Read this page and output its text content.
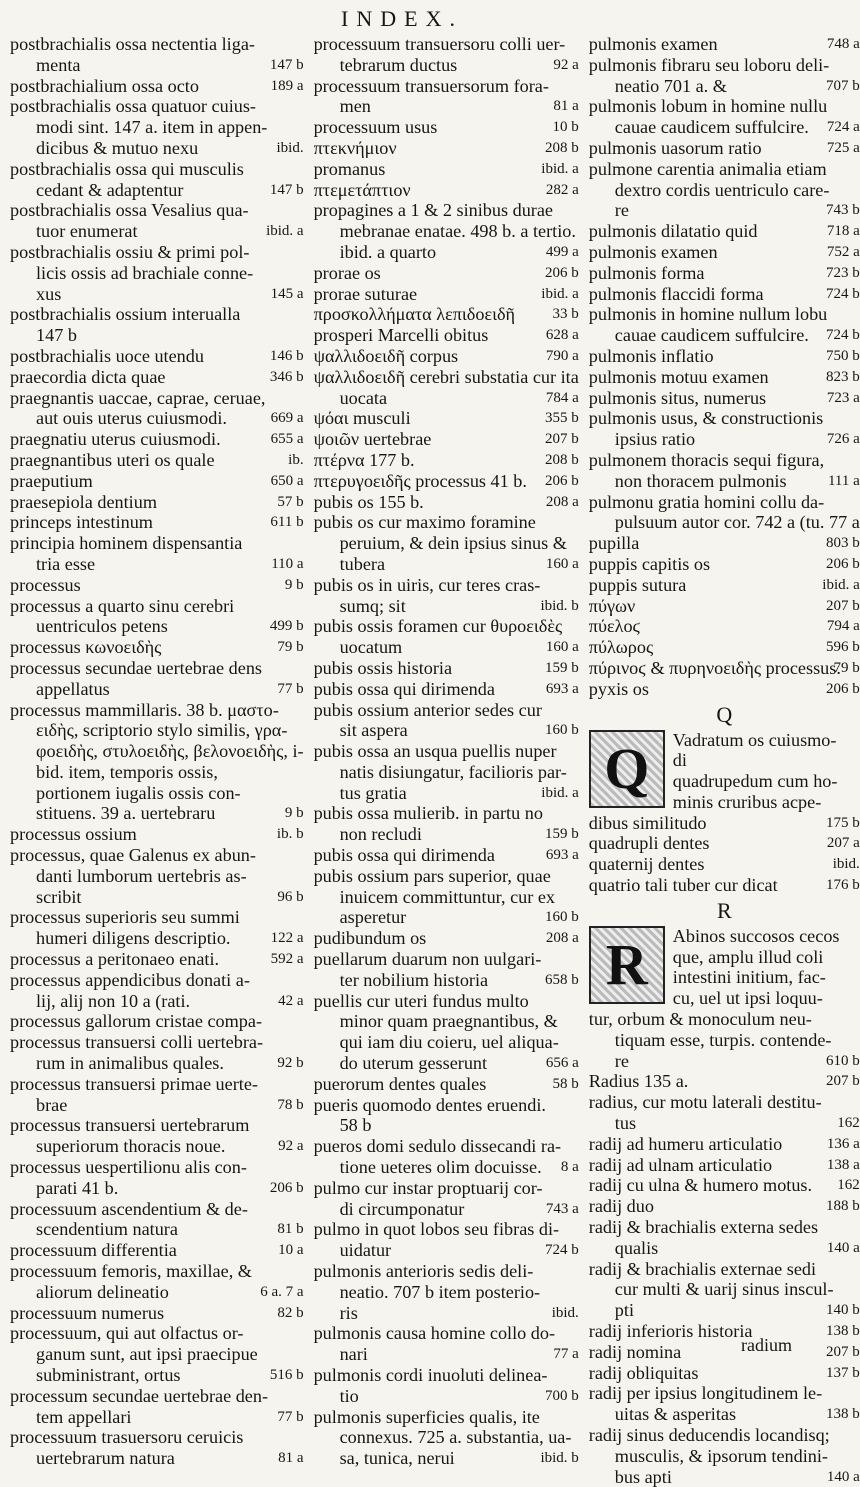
INDEX.
postbrachialis ossa nectentia liga-
147 b
menta
189 a
postbrachialium ossa octo
postbrachialis ossa quatuor cuius-
modi sint. 147 a. item in appen-
ibid.
dicibus & mutuo nexu
postbrachialis ossa qui musculis
147 b
cedant & adaptentur
postbrachialis ossa Vesalius qua-
ibid. a
tuor enumerat
postbrachialis ossiu & primi pol-
licis ossis ad brachiale conne-
145 a
xus
postbrachialis ossium interualla
147 b
146 b
postbrachialis uoce utendu
346 b
praecordia dicta quae
praegnantis uaccae, caprae, ceruae,
669 a
aut ouis uterus cuiusmodi.
655 a
praegnatiu uterus cuiusmodi.
ib.
praegnantibus uteri os quale
650 a
praeputium
57 b
praesepiola dentium
611 b
princeps intestinum
principia hominem dispensantia
110 a
tria esse
9 b
processus
processus a quarto sinu cerebri
499 b
uentriculos petens
79 b
processus κωνοειδὴς
processus secundae uertebrae dens
77 b
appellatus
processus mammillaris. 38 b. μαστο-
ειδὴς, scriptorio stylo similis, γρα-
φοειδὴς, στυλοειδὴς, βελονοειδὴς, i-
bid. item, temporis ossis,
portionem iugalis ossis con-
9 b
stituens. 39 a. uertebraru
ib. b
processus ossium
processus, quae Galenus ex abun-
danti lumborum uertebris as-
96 b
scribit
processus superioris seu summi
122 a
humeri diligens descriptio.
592 a
processus a peritonaeo enati.
processus appendicibus donati a-
42 a
lij, alij non 10 a (rati.
processus gallorum cristae compa-
processus transuersi colli uertebra-
92 b
rum in animalibus quales.
processus transuersi primae uerte-
78 b
brae
processus transuersi uertebrarum
92 a
superiorum thoracis noue.
processus uespertilionu alis con-
206 b
parati 41 b.
processuum ascendentium & de-
81 b
scendentium natura
10 a
processuum differentia
processuum femoris, maxillae, &
6 a. 7 a
aliorum delineatio
82 b
processuum numerus
processuum, qui aut olfactus or-
ganum sunt, aut ipsi praecipue
516 b
subministrant, ortus
processum secundae uertebrae den-
77 b
tem appellari
processuum trasuersoru ceruicis
81 a
uertebrarum natura
processuum transuersoru colli uer-
92 a
tebrarum ductus
processuum transuersorum fora-
81 a
men
10 b
processuum usus
208 b
πτεκνήμιον
ibid. a
promanus
282 a
πτεμετάπτιον
propagines a 1 & 2 sinibus durae
mebranae enatae. 498 b. a tertio.
499 a
ibid. a quarto
206 b
prorae os
ibid. a
prorae suturae
33 b
προσκολλήματα λεπιδοειδῆ
628 a
prosperi Marcelli obitus
790 a
ψαλλιδοειδῆ corpus
ψαλλιδοειδῆ cerebri substatia cur ita
784 a
uocata
355 b
ψόαι musculi
207 b
ψοιῶν uertebrae
208 b
πτέρνα 177 b.
206 b
πτερυγοειδῆς processus 41 b.
208 a
pubis os 155 b.
pubis os cur maximo foramine
peruium, & dein ipsius sinus &
160 a
tubera
pubis os in uiris, cur teres cras-
ibid. b
sumq; sit
pubis ossis foramen cur θυροειδὲς
160 a
uocatum
159 b
pubis ossis historia
693 a
pubis ossa qui dirimenda
pubis ossium anterior sedes cur
160 b
sit aspera
pubis ossa an usqua puellis nuper
natis disiungatur, facilioris par-
ibid. a
tus gratia
pubis ossa mulierib. in partu no
159 b
non recludi
693 a
pubis ossa qui dirimenda
pubis ossium pars superior, quae
inuicem committuntur, cur ex
160 b
asperetur
208 a
pudibundum os
puellarum duarum non uulgari-
658 b
ter nobilium historia
puellis cur uteri fundus multo
minor quam praegnantibus, &
qui iam diu coieru, uel aliqua-
656 a
do uterum gesserunt
58 b
puerorum dentes quales
pueris quomodo dentes eruendi.
58 b
pueros domi sedulo dissecandi ra-
8 a
tione ueteres olim docuisse.
pulmo cur instar proptuarij cor-
743 a
di circumponatur
pulmo in quot lobos seu fibras di-
724 b
uidatur
pulmonis anterioris sedis deli-
neatio. 707 b item posterio-
ibid.
ris
pulmonis causa homine collo do-
77 a
nari
pulmonis cordi inuoluti delinea-
700 b
tio
pulmonis superficies qualis, ite
connexus. 725 a. substantia, ua-
ibid. b
sa, tunica, nerui
748 a
pulmonis examen
pulmonis fibraru seu loboru deli-
707 b
neatio 701 a. &
pulmonis lobum in homine nullu
724 a
cauae caudicem suffulcire.
725 a
pulmonis uasorum ratio
pulmone carentia animalia etiam
dextro cordis uentriculo care-
743 b
re
718 a
pulmonis dilatatio quid
752 a
pulmonis examen
723 b
pulmonis forma
724 b
pulmonis flaccidi forma
pulmonis in homine nullum lobu
724 b
cauae caudicem suffulcire.
750 b
pulmonis inflatio
823 b
pulmonis motuu examen
723 a
pulmonis situs, numerus
pulmonis usus, & constructionis
726 a
ipsius ratio
pulmonem thoracis sequi figura,
111 a
non thoracem pulmonis
pulmonu gratia homini collu da-
pulsuum autor cor. 742 a (tu. 77 a
803 b
pupilla
206 b
puppis capitis os
ibid. a
puppis sutura
207 b
πύγων
794 a
πύελοϛ
596 b
πύλωρος
79 b
πύρινοϛ & πυρηνοειδὴς processus.
206 b
pyxis os
Q
Q	Vadratum os cuiusmo-
di
quadrupedum cum ho-
minis cruribus acpe-
175 b
dibus similitudo
207 a
quadrupli dentes
ibid.
quaternij dentes
176 b
quatrio tali tuber cur dicat
R
R	Abinos succosos cecos
que, amplu illud coli
intestini initium, fac-
cu, uel ut ipsi loquu-
tur, orbum & monoculum neu-
tiquam esse, turpis. contende-
610 b
re
207 b
Radius 135 a.
radius, cur motu laterali destitu-
162
tus
136 a
radij ad humeru articulatio
138 a
radij ad ulnam articulatio
162
radij cu ulna & humero motus.
188 b
radij duo
radij & brachialis externa sedes
140 a
qualis
radij & brachialis externae sedi
cur multi & uarij sinus inscul-
140 b
pti
138 b
radij inferioris historia
207 b
radij nomina
137 b
radij obliquitas
radij per ipsius longitudinem le-
138 b
uitas & asperitas
radij sinus deducendis locandisq;
musculis, & ipsorum tendini-
140 a
bus apti
radium
